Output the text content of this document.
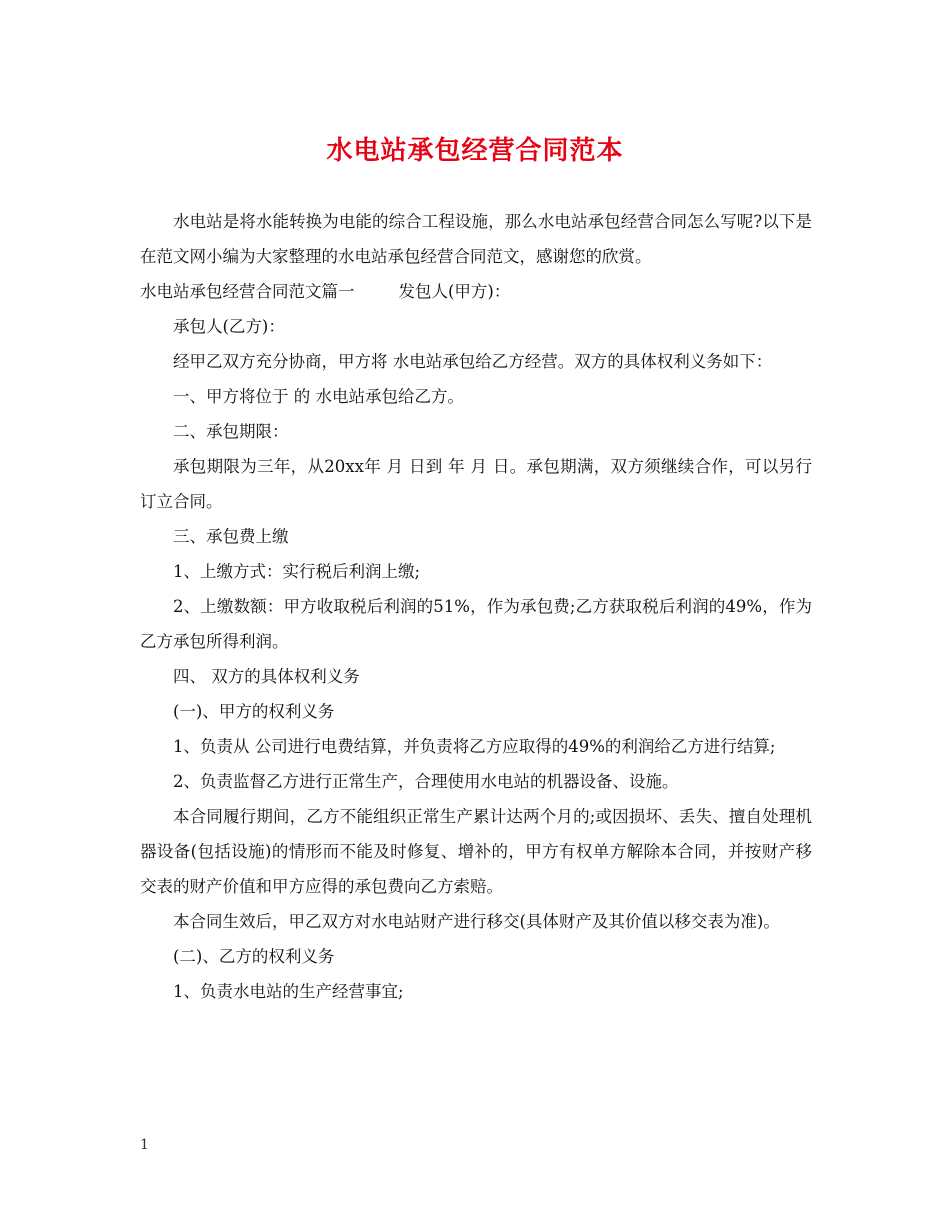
水电站承包经营合同范本

水电站是将水能转换为电能的综合工程设施，那么水电站承包经营合同怎么写呢?以下是在范文网小编为大家整理的水电站承包经营合同范文，感谢您的欣赏。

水电站承包经营合同范文篇一	发包人(甲方)：

承包人(乙方)：

经甲乙双方充分协商，甲方将 水电站承包给乙方经营。双方的具体权利义务如下：

一、甲方将位于 的 水电站承包给乙方。

二、承包期限：

承包期限为三年，从20xx年 月 日到 年 月 日。承包期满，双方须继续合作，可以另行订立合同。

三、承包费上缴

1、上缴方式：实行税后利润上缴;

2、上缴数额：甲方收取税后利润的51%，作为承包费;乙方获取税后利润的49%，作为乙方承包所得利润。

四、 双方的具体权利义务

(一)、甲方的权利义务

1、负责从 公司进行电费结算，并负责将乙方应取得的49%的利润给乙方进行结算;

2、负责监督乙方进行正常生产，合理使用水电站的机器设备、设施。

本合同履行期间，乙方不能组织正常生产累计达两个月的;或因损坏、丢失、擅自处理机器设备(包括设施)的情形而不能及时修复、增补的，甲方有权单方解除本合同，并按财产移交表的财产价值和甲方应得的承包费向乙方索赔。

本合同生效后，甲乙双方对水电站财产进行移交(具体财产及其价值以移交表为准)。

(二)、乙方的权利义务

1、负责水电站的生产经营事宜;

1
